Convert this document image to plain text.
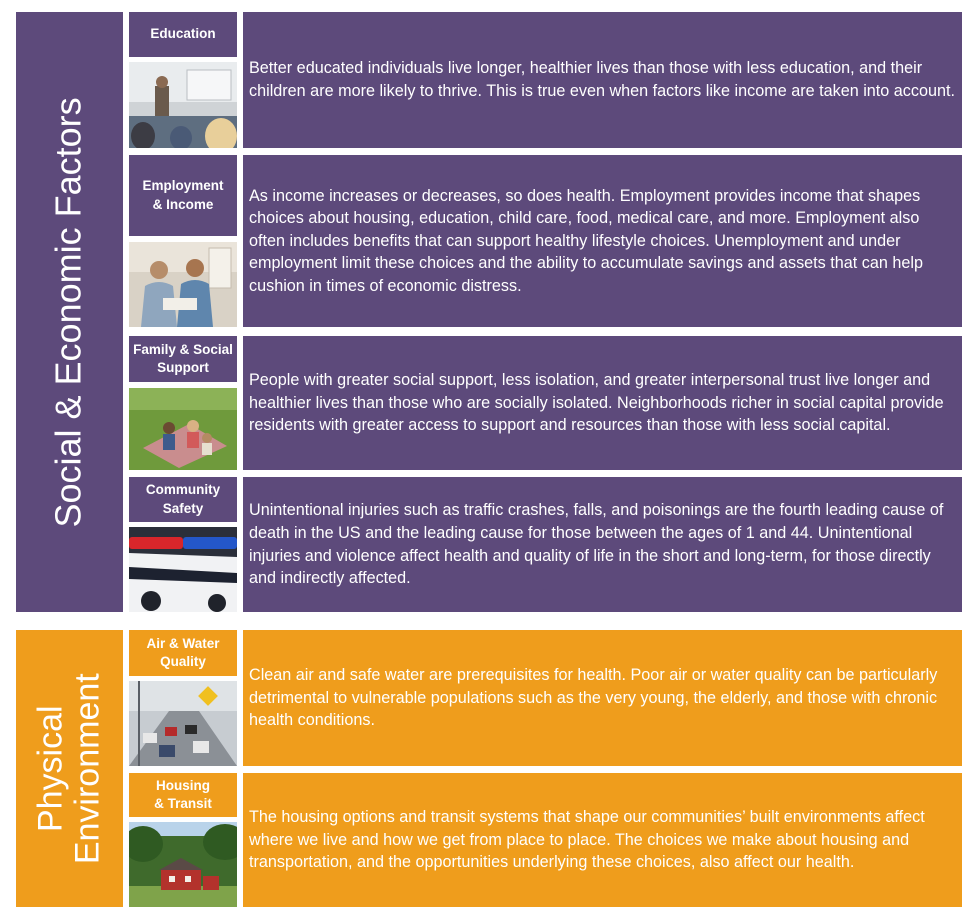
Social & Economic Factors
Education
Better educated individuals live longer, healthier lives than those with less education, and their children are more likely to thrive. This is true even when factors like income are taken into account.
Employment
& Income	As income increases or decreases, so does health. Employment provides income that shapes choices about housing, education, child care, food, medical care, and more. Employment also often includes benefits that can support healthy lifestyle choices. Unemployment and under employment limit these choices and the ability to accumulate savings and assets that can help cushion in times of economic distress.
Family & Social
Support
People with greater social support, less isolation, and greater interpersonal trust live longer and healthier lives than those who are socially isolated. Neighborhoods richer in social capital provide residents with greater access to support and resources than those with less social capital.
Community
Safety	Unintentional injuries such as traffic crashes, falls, and poisonings are the fourth leading cause of death in the US and the leading cause for those between the ages of 1 and 44. Unintentional injuries and violence affect health and quality of life in the short and long-term, for those directly and indirectly affected.
Physical
Environment
Air & Water
Quality
Clean air and safe water are prerequisites for health. Poor air or water quality can be particularly detrimental to vulnerable populations such as the very young, the elderly, and those with chronic health conditions.
Housing
& Transit
The housing options and transit systems that shape our communities’ built environments affect where we live and how we get from place to place. The choices we make about housing and transportation, and the opportunities underlying these choices, also affect our health.
